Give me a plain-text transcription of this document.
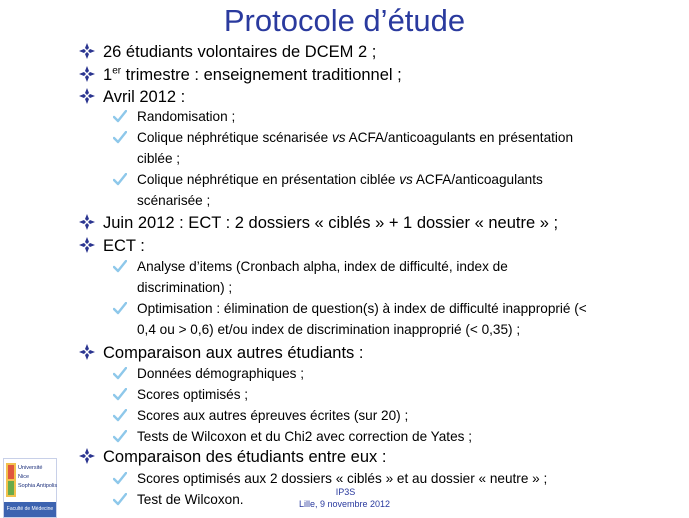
Protocole d’étude
26 étudiants volontaires de DCEM 2 ;
1er trimestre : enseignement traditionnel ;
Avril 2012 :
Randomisation ;
Colique néphrétique scénarisée vs ACFA/anticoagulants en présentation
ciblée ;
Colique néphrétique en présentation ciblée vs ACFA/anticoagulants
scénarisée ;
Juin 2012 : ECT : 2 dossiers « ciblés » + 1 dossier « neutre » ;
ECT :
Analyse d’items (Cronbach alpha, index de difficulté, index de
discrimination) ;
Optimisation : élimination de question(s) à index de difficulté inapproprié (<
0,4 ou > 0,6) et/ou index de discrimination inapproprié (< 0,35) ;
Comparaison aux autres étudiants :
Données démographiques ;
Scores optimisés ;
Scores aux autres épreuves écrites (sur 20) ;
Tests de Wilcoxon et du Chi2 avec correction de Yates ;
Comparaison des étudiants entre eux :
Scores optimisés aux 2 dossiers « ciblés » et au dossier « neutre » ;
Test de Wilcoxon.	IP3S
Lille, 9 novembre 2012
Université
Nice
Sophia Antipolis
Faculté de Médecine
